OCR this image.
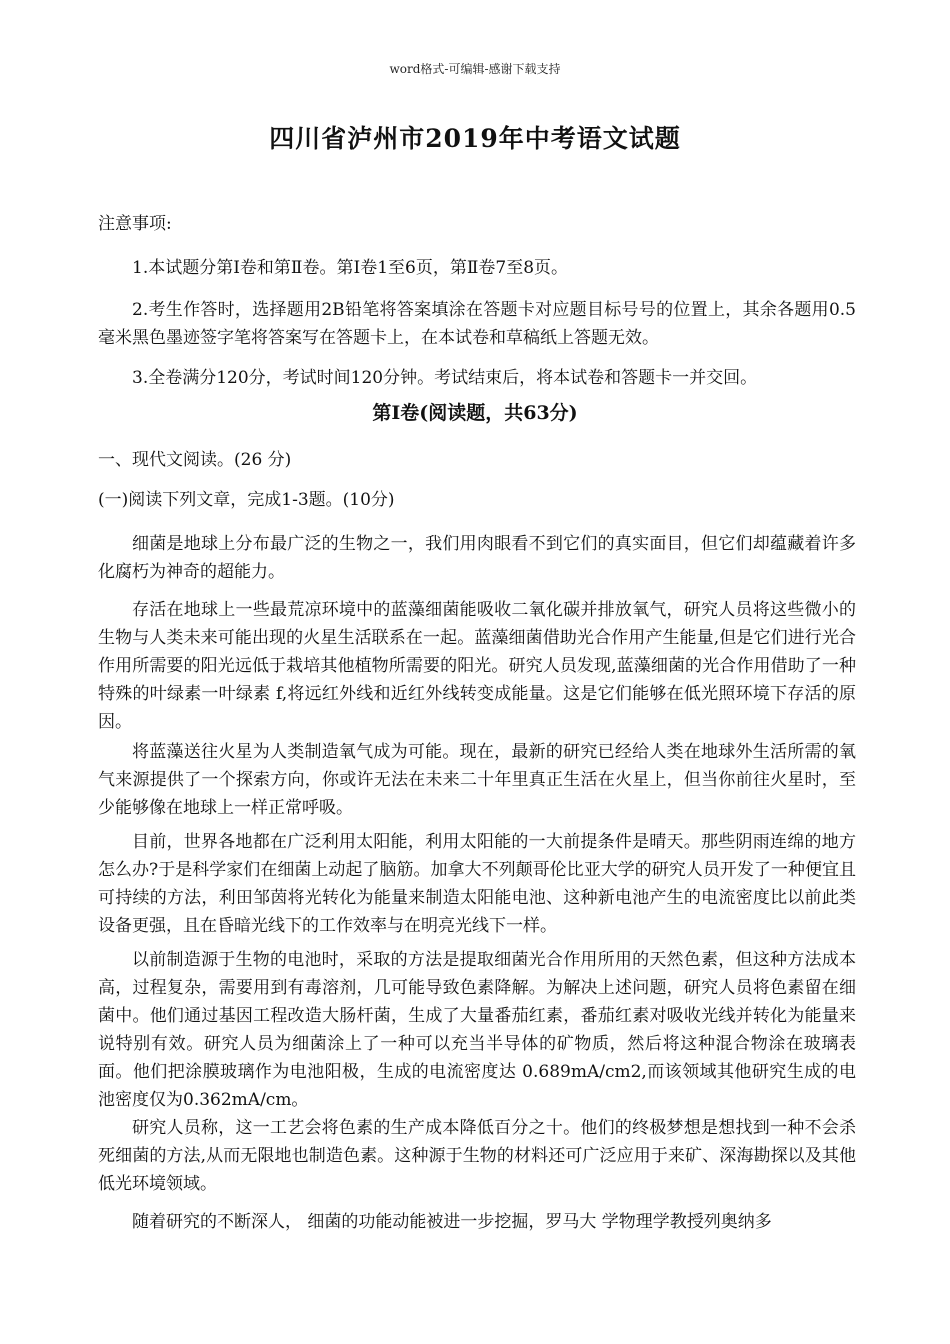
word格式-可编辑-感谢下载支持
四川省泸州市2019年中考语文试题
注意事项:
1.本试题分第Ⅰ卷和第Ⅱ卷。第Ⅰ卷1至6页，第Ⅱ卷7至8页。
2.考生作答时，选择题用2B铅笔将答案填涂在答题卡对应题目标号号的位置上，其余各题用0.5毫米黑色墨迹签字笔将答案写在答题卡上，在本试卷和草稿纸上答题无效。
3.全卷满分120分，考试时间120分钟。考试结束后，将本试卷和答题卡一并交回。
第Ⅰ卷(阅读题，共63分)
一、现代文阅读。(26 分)
(一)阅读下列文章，完成1-3题。(10分)
细菌是地球上分布最广泛的生物之一，我们用肉眼看不到它们的真实面目，但它们却蕴藏着许多化腐朽为神奇的超能力。
存活在地球上一些最荒凉环境中的蓝藻细菌能吸收二氧化碳并排放氧气，研究人员将这些微小的生物与人类未来可能出现的火星生活联系在一起。蓝藻细菌借助光合作用产生能量,但是它们进行光合作用所需要的阳光远低于栽培其他植物所需要的阳光。研究人员发现,蓝藻细菌的光合作用借助了一种特殊的叶绿素一叶绿素 f,将远红外线和近红外线转变成能量。这是它们能够在低光照环境下存活的原因。
将蓝藻送往火星为人类制造氧气成为可能。现在，最新的研究已经给人类在地球外生活所需的氧气来源提供了一个探索方向，你或许无法在未来二十年里真正生活在火星上，但当你前往火星时，至少能够像在地球上一样正常呼吸。
目前，世界各地都在广泛利用太阳能，利用太阳能的一大前提条件是晴天。那些阴雨连绵的地方怎么办?于是科学家们在细菌上动起了脑筋。加拿大不列颠哥伦比亚大学的研究人员开发了一种便宜且可持续的方法，利田邹茵将光转化为能量来制造太阳能电池、这种新电池产生的电流密度比以前此类设备更强，且在昏暗光线下的工作效率与在明亮光线下一样。
以前制造源于生物的电池时，采取的方法是提取细菌光合作用所用的天然色素，但这种方法成本高，过程复杂，需要用到有毒溶剂，几可能导致色素降解。为解决上述问题，研究人员将色素留在细菌中。他们通过基因工程改造大肠杆菌，生成了大量番茄红素，番茄红素对吸收光线并转化为能量来说特别有效。研究人员为细菌涂上了一种可以充当半导体的矿物质，然后将这种混合物涂在玻璃表面。他们把涂膜玻璃作为电池阳极，生成的电流密度达 0.689mA/cm2,而该领域其他研究生成的电池密度仅为0.362mA/cm。
研究人员称，这一工艺会将色素的生产成本降低百分之十。他们的终极梦想是想找到一种不会杀死细菌的方法,从而无限地也制造色素。这种源于生物的材料还可广泛应用于来矿、深海勘探以及其他低光环境领域。
随着研究的不断深人， 细菌的功能动能被进一步挖掘，罗马大 学物理学教授列奥纳多
